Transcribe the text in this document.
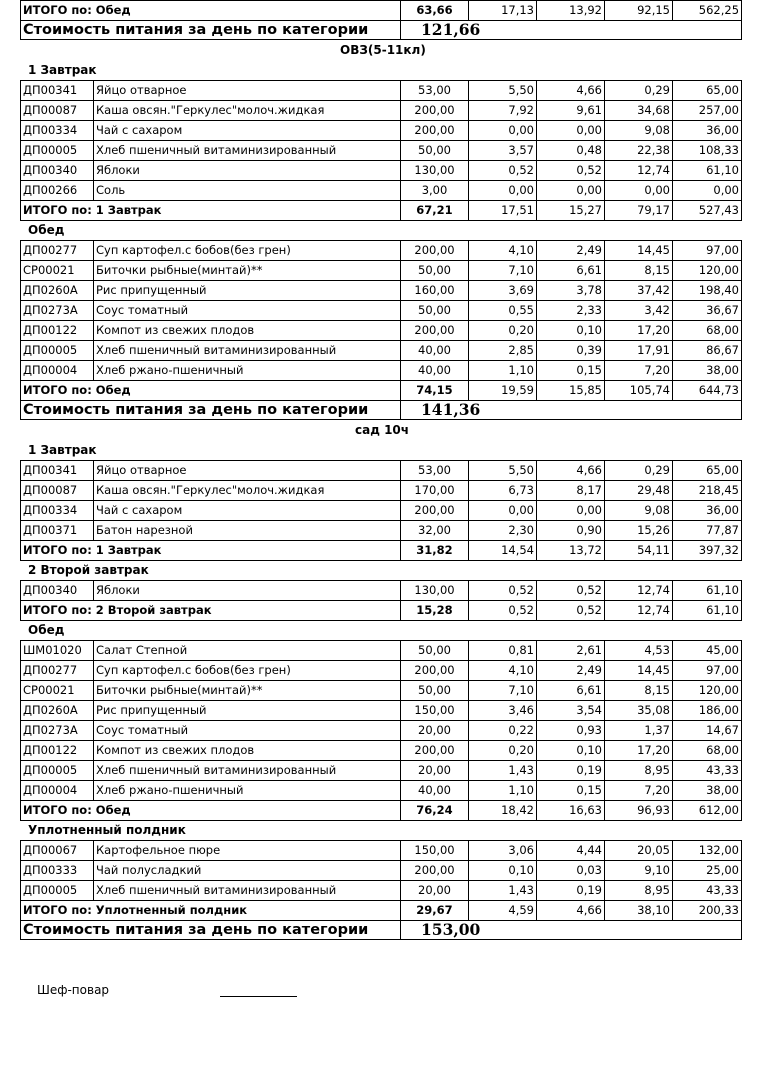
ИТОГО по: Обед	63,66	17,13	13,92	92,15	562,25
Стоимость питания за день по категории	121,66				
ОВЗ(5-11кл)
1 Завтрак
ДП00341	Яйцо отварное	53,00	5,50	4,66	0,29	65,00
ДП00087	Каша овсян."Геркулес"молоч.жидкая	200,00	7,92	9,61	34,68	257,00
ДП00334	Чай с сахаром	200,00	0,00	0,00	9,08	36,00
ДП00005	Хлеб пшеничный витаминизированный	50,00	3,57	0,48	22,38	108,33
ДП00340	Яблоки	130,00	0,52	0,52	12,74	61,10
ДП00266	Соль	3,00	0,00	0,00	0,00	0,00
ИТОГО по: 1 Завтрак		67,21	17,51	15,27	79,17	527,43
Обед
ДП00277	Суп картофел.с бобов(без грен)	200,00	4,10	2,49	14,45	97,00
СР00021	Биточки рыбные(минтай)**	50,00	7,10	6,61	8,15	120,00
ДП0260А	Рис припущенный	160,00	3,69	3,78	37,42	198,40
ДП0273А	Соус томатный	50,00	0,55	2,33	3,42	36,67
ДП00122	Компот из свежих плодов	200,00	0,20	0,10	17,20	68,00
ДП00005	Хлеб пшеничный витаминизированный	40,00	2,85	0,39	17,91	86,67
ДП00004	Хлеб ржано-пшеничный	40,00	1,10	0,15	7,20	38,00
ИТОГО по: Обед		74,15	19,59	15,85	105,74	644,73
Стоимость питания за день по категории		141,36				
сад 10ч
1 Завтрак
ДП00341	Яйцо отварное	53,00	5,50	4,66	0,29	65,00
ДП00087	Каша овсян."Геркулес"молоч.жидкая	170,00	6,73	8,17	29,48	218,45
ДП00334	Чай с сахаром	200,00	0,00	0,00	9,08	36,00
ДП00371	Батон нарезной	32,00	2,30	0,90	15,26	77,87
ИТОГО по: 1 Завтрак		31,82	14,54	13,72	54,11	397,32
2 Второй завтрак
ДП00340	Яблоки	130,00	0,52	0,52	12,74	61,10
ИТОГО по: 2 Второй завтрак		15,28	0,52	0,52	12,74	61,10
Обед
ШМ01020	Салат Степной	50,00	0,81	2,61	4,53	45,00
ДП00277	Суп картофел.с бобов(без грен)	200,00	4,10	2,49	14,45	97,00
СР00021	Биточки рыбные(минтай)**	50,00	7,10	6,61	8,15	120,00
ДП0260А	Рис припущенный	150,00	3,46	3,54	35,08	186,00
ДП0273А	Соус томатный	20,00	0,22	0,93	1,37	14,67
ДП00122	Компот из свежих плодов	200,00	0,20	0,10	17,20	68,00
ДП00005	Хлеб пшеничный витаминизированный	20,00	1,43	0,19	8,95	43,33
ДП00004	Хлеб ржано-пшеничный	40,00	1,10	0,15	7,20	38,00
ИТОГО по: Обед		76,24	18,42	16,63	96,93	612,00
Уплотненный полдник
ДП00067	Картофельное пюре	150,00	3,06	4,44	20,05	132,00
ДП00333	Чай полусладкий	200,00	0,10	0,03	9,10	25,00
ДП00005	Хлеб пшеничный витаминизированный	20,00	1,43	0,19	8,95	43,33
ИТОГО по: Уплотненный полдник		29,67	4,59	4,66	38,10	200,33
Стоимость питания за день по категории		153,00				
Шеф-повар
